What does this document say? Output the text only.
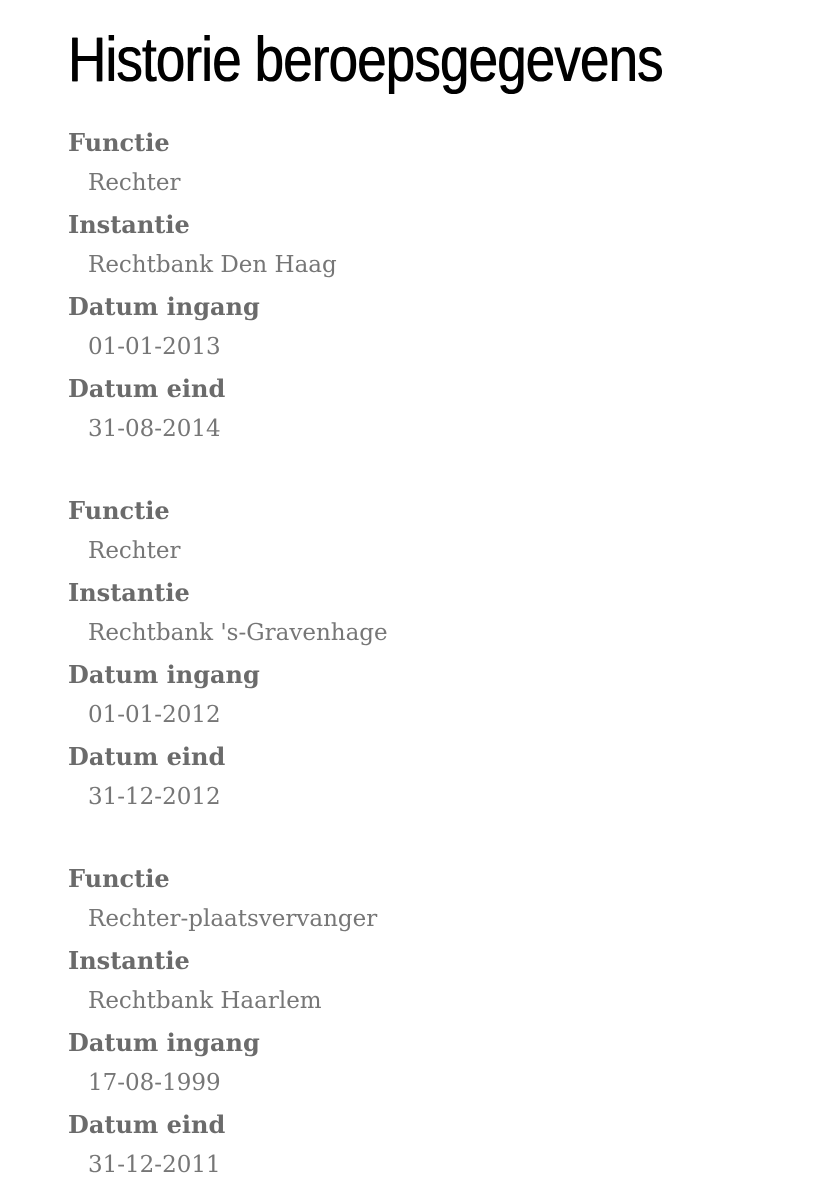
Historie beroepsgegevens
Functie
Rechter
Instantie
Rechtbank Den Haag
Datum ingang
01-01-2013
Datum eind
31-08-2014
Functie
Rechter
Instantie
Rechtbank 's-Gravenhage
Datum ingang
01-01-2012
Datum eind
31-12-2012
Functie
Rechter-plaatsvervanger
Instantie
Rechtbank Haarlem
Datum ingang
17-08-1999
Datum eind
31-12-2011
